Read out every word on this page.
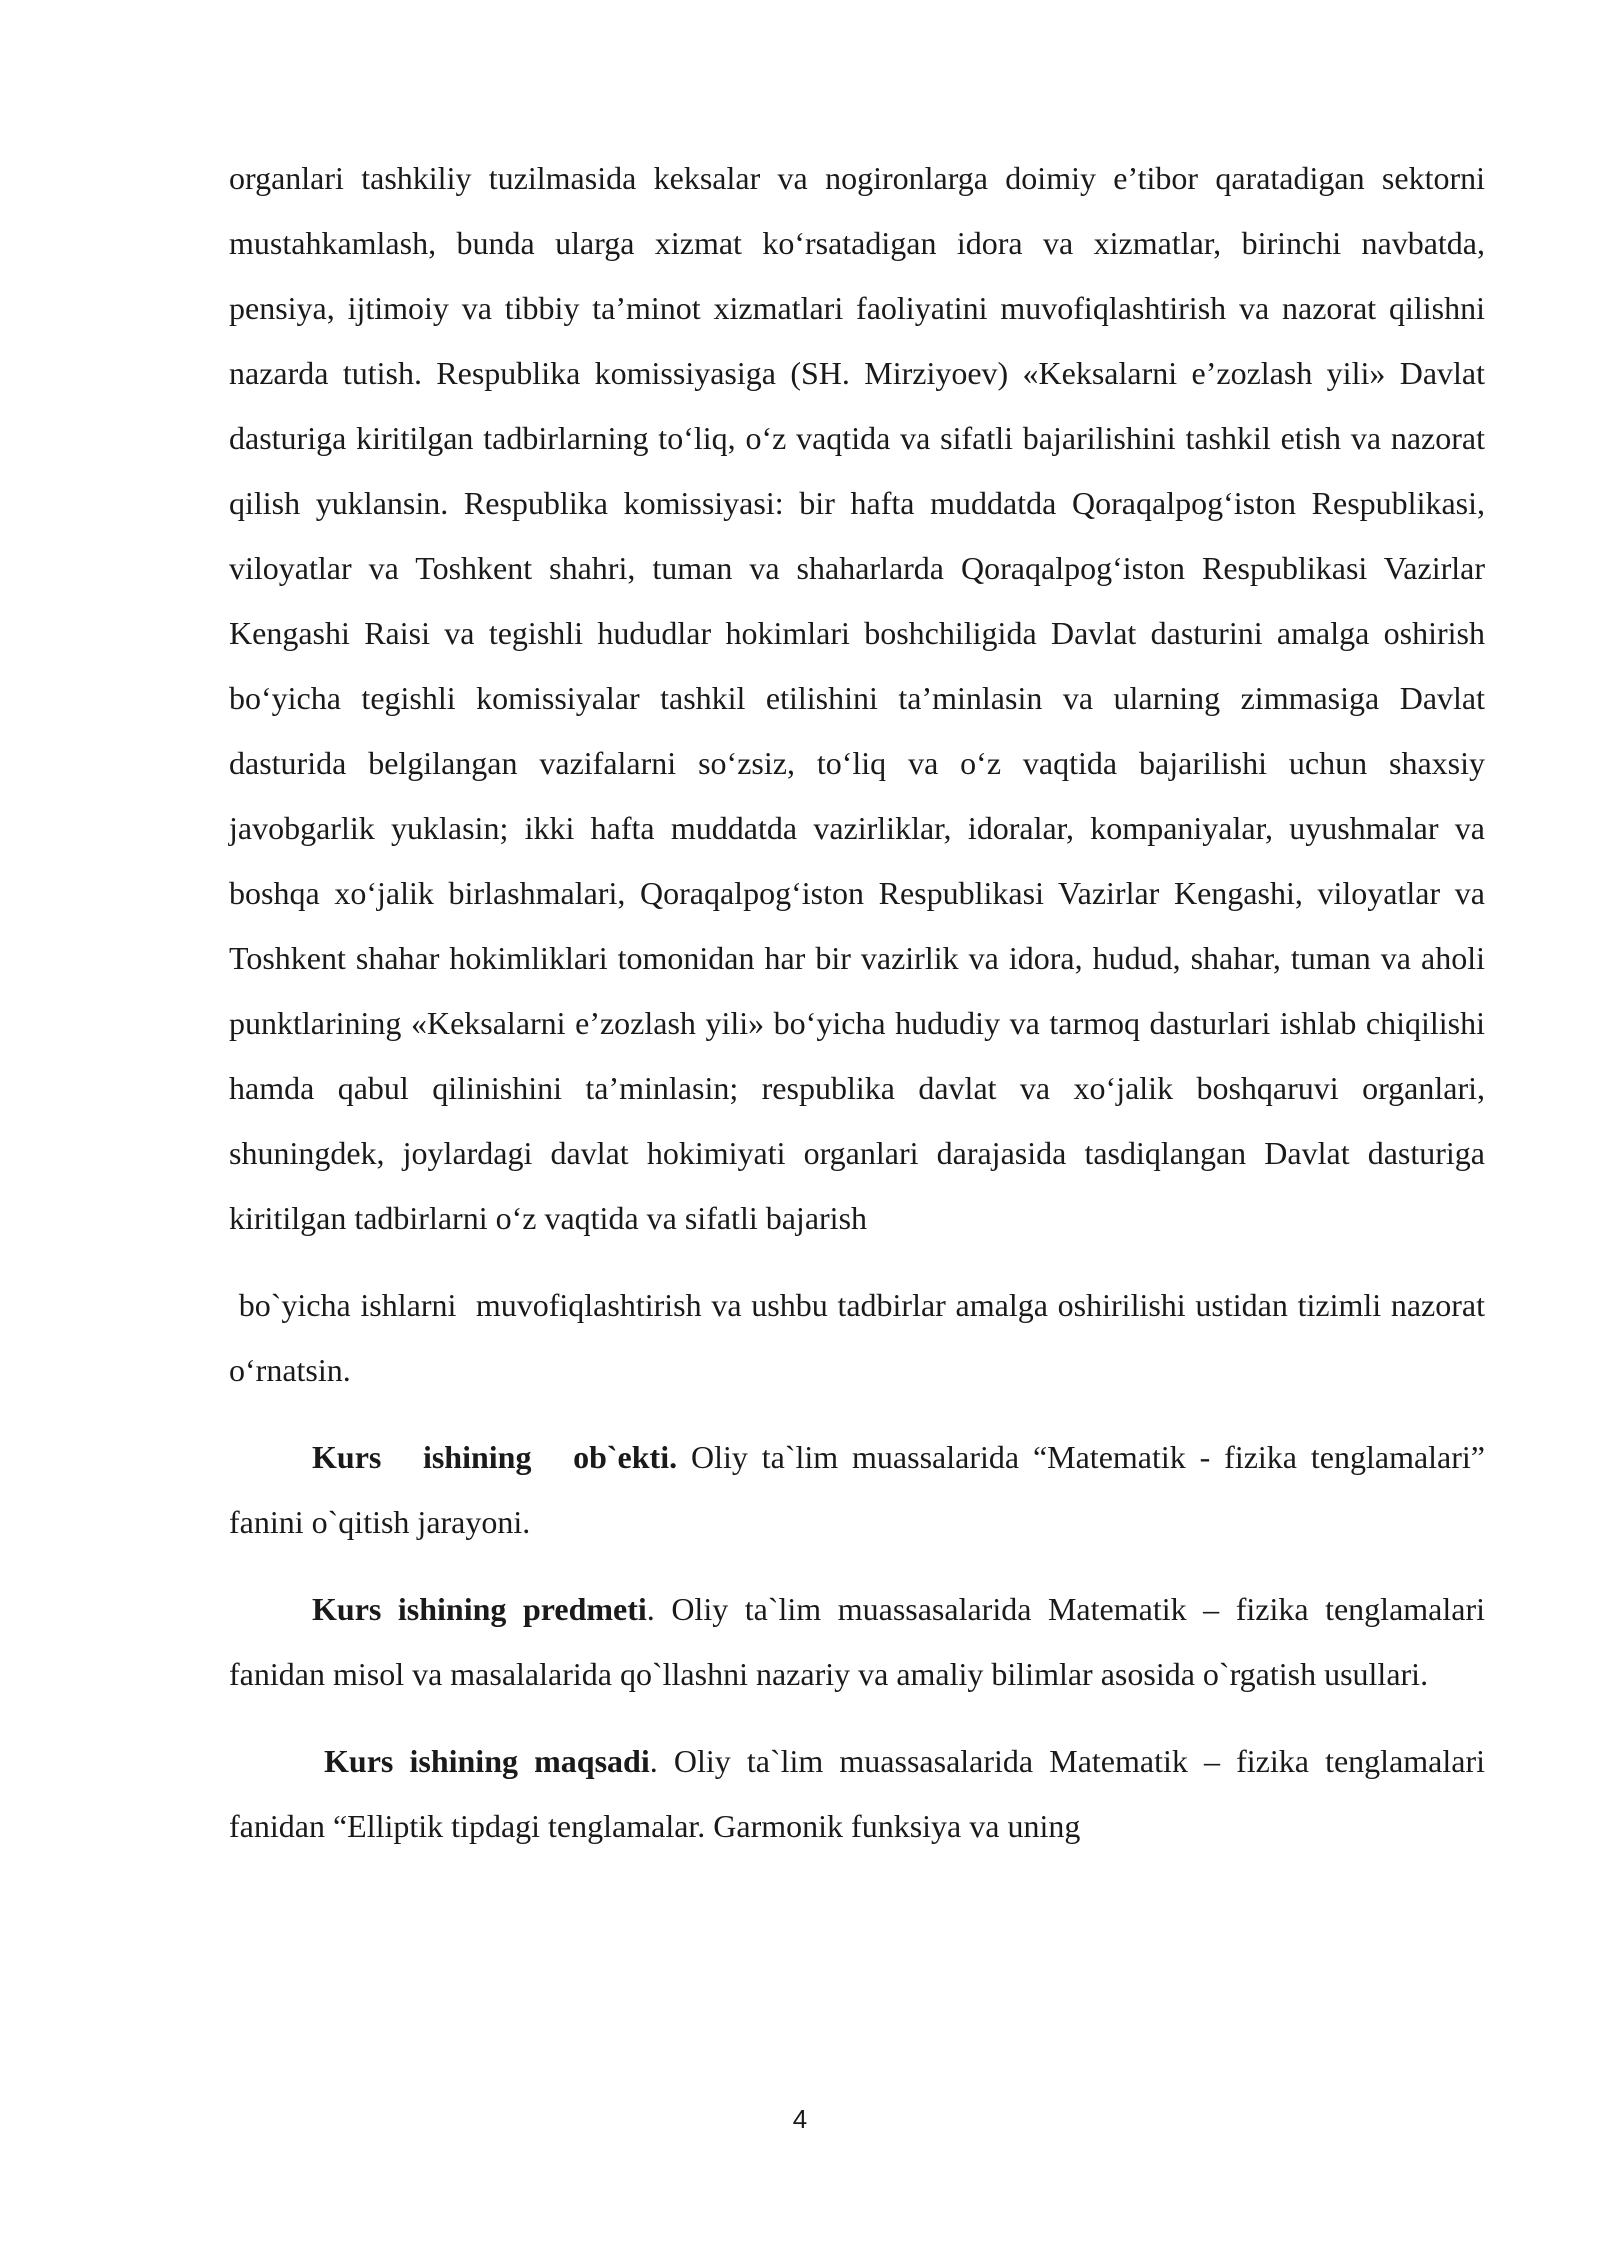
organlari tashkiliy tuzilmasida keksalar va nogironlarga doimiy e’tibor qaratadigan sektorni mustahkamlash, bunda ularga xizmat ko‘rsatadigan idora va xizmatlar, birinchi navbatda, pensiya, ijtimoiy va tibbiy ta’minot xizmatlari faoliyatini muvofiqlashtirish va nazorat qilishni nazarda tutish. Respublika komissiyasiga (SH. Mirziyoev) «Keksalarni e’zozlash yili» Davlat dasturiga kiritilgan tadbirlarning to‘liq, o‘z vaqtida va sifatli bajarilishini tashkil etish va nazorat qilish yuklansin. Respublika komissiyasi: bir hafta muddatda Qoraqalpog‘iston Respublikasi, viloyatlar va Toshkent shahri, tuman va shaharlarda Qoraqalpog‘iston Respublikasi Vazirlar Kengashi Raisi va tegishli hududlar hokimlari boshchiligida Davlat dasturini amalga oshirish bo‘yicha tegishli komissiyalar tashkil etilishini ta’minlasin va ularning zimmasiga Davlat dasturida belgilangan vazifalarni so‘zsiz, to‘liq va o‘z vaqtida bajarilishi uchun shaxsiy javobgarlik yuklasin; ikki hafta muddatda vazirliklar, idoralar, kompaniyalar, uyushmalar va boshqa xo‘jalik birlashmalari, Qoraqalpog‘iston Respublikasi Vazirlar Kengashi, viloyatlar va Toshkent shahar hokimliklari tomonidan har bir vazirlik va idora, hudud, shahar, tuman va aholi punktlarining «Keksalarni e’zozlash yili» bo‘yicha hududiy va tarmoq dasturlari ishlab chiqilishi hamda qabul qilinishini ta’minlasin; respublika davlat va xo‘jalik boshqaruvi organlari, shuningdek, joylardagi davlat hokimiyati organlari darajasida tasdiqlangan Davlat dasturiga kiritilgan tadbirlarni o‘z vaqtida va sifatli bajarish

bo`yicha ishlarni  muvofiqlashtirish va ushbu tadbirlar amalga oshirilishi ustidan tizimli nazorat o‘rnatsin.

Kurs   ishining   ob`ekti. Oliy ta`lim muassalarida “Matematik - fizika tenglamalari” fanini o`qitish jarayoni.

Kurs ishining predmeti. Oliy ta`lim muassasalarida Matematik – fizika tenglamalari fanidan misol va masalalarida qo`llashni nazariy va amaliy bilimlar asosida o`rgatish usullari.

Kurs ishining maqsadi. Oliy ta`lim muassasalarida Matematik – fizika tenglamalari fanidan “Elliptik tipdagi tenglamalar. Garmonik funksiya va uning

4
